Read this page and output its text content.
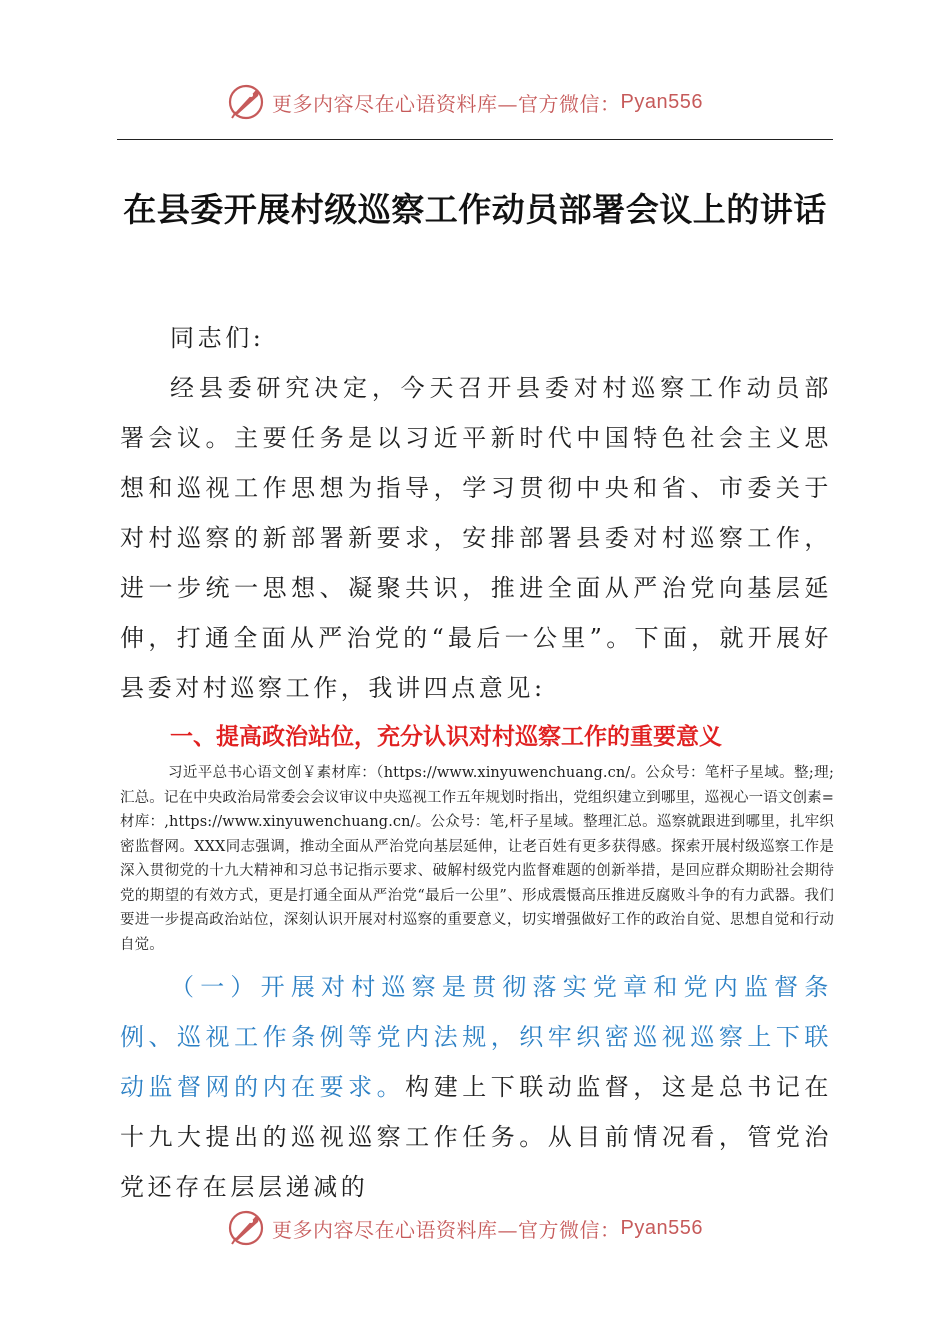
更多内容尽在心语资料库—官方微信： Pyan556
在县委开展村级巡察工作动员部署会议上的讲话
同志们:
经县委研究决定，今天召开县委对村巡察工作动员部署会议。主要任务是以习近平新时代中国特色社会主义思想和巡视工作思想为指导，学习贯彻中央和省、市委关于对村巡察的新部署新要求，安排部署县委对村巡察工作，进一步统一思想、凝聚共识，推进全面从严治党向基层延伸，打通全面从严治党的“最后一公里”。下面，就开展好县委对村巡察工作，我讲四点意见:
一、提高政治站位，充分认识对村巡察工作的重要意义
习近平总书心语文创￥素材库：（https://www.xinyuwenchuang.cn/。公众号：笔杆子星域。整;理;汇总。记在中央政治局常委会会议审议中央巡视工作五年规划时指出，党组织建立到哪里，巡视心一语文创素=材库：,https://www.xinyuwenchuang.cn/。公众号：笔,杆子星域。整理汇总。巡察就跟进到哪里，扎牢织密监督网。XXX同志强调，推动全面从严治党向基层延伸，让老百姓有更多获得感。探索开展村级巡察工作是深入贯彻党的十九大精神和习总书记指示要求、破解村级党内监督难题的创新举措，是回应群众期盼社会期待党的期望的有效方式，更是打通全面从严治党“最后一公里”、形成震慑高压推进反腐败斗争的有力武器。我们要进一步提高政治站位，深刻认识开展对村巡察的重要意义，切实增强做好工作的政治自觉、思想自觉和行动自觉。
（一）开展对村巡察是贯彻落实党章和党内监督条例、巡视工作条例等党内法规，织牢织密巡视巡察上下联动监督网的内在要求。构建上下联动监督，这是总书记在十九大提出的巡视巡察工作任务。从目前情况看，管党治党还存在层层递减的
更多内容尽在心语资料库—官方微信： Pyan556
